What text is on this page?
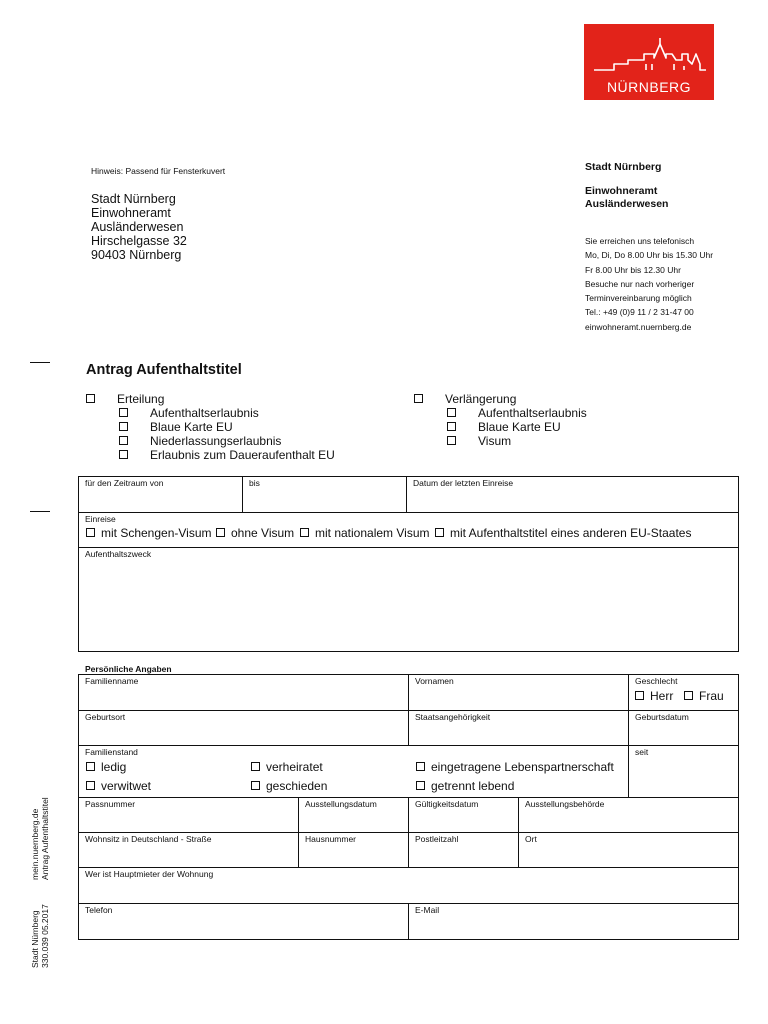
NÜRNBERG
Hinweis: Passend für Fensterkuvert
Stadt Nürnberg
Einwohneramt
Ausländerwesen
Hirschelgasse 32
90403 Nürnberg
Stadt Nürnberg
Einwohneramt
Ausländerwesen
Sie erreichen uns telefonisch
Mo, Di, Do 8.00 Uhr bis 15.30 Uhr
Fr 8.00 Uhr bis 12.30 Uhr
Besuche nur nach vorheriger
Terminvereinbarung möglich
Tel.: +49 (0)9 11 / 2 31-47 00
einwohneramt.nuernberg.de
Antrag Aufenthaltstitel
Erteilung
Aufenthaltserlaubnis
Blaue Karte EU
Niederlassungserlaubnis
Erlaubnis zum Daueraufenthalt EU
Verlängerung
Aufenthaltserlaubnis
Blaue Karte EU
Visum
für den Zeitraum von	bis	Datum der letzten Einreise
Einreise
mit Schengen-Visum	ohne Visum	mit nationalem Visum	mit Aufenthaltstitel eines anderen EU-Staates
Aufenthaltszweck
Persönliche Angaben
Familienname	Vornamen	Geschlecht
Herr	Frau
Geburtsort	Staatsangehörigkeit	Geburtsdatum
Familienstand
ledig	verheiratet	eingetragene Lebenspartnerschaft
verwitwet	geschieden	getrennt lebend
seit
Passnummer	Ausstellungsdatum	Gültigkeitsdatum	Ausstellungsbehörde
Wohnsitz in Deutschland - Straße	Hausnummer	Postleitzahl	Ort
Wer ist Hauptmieter der Wohnung
Telefon	E-Mail
mein.nuernberg.de Antrag Aufenthaltstitel
Stadt Nürnberg 330.039 05.2017
